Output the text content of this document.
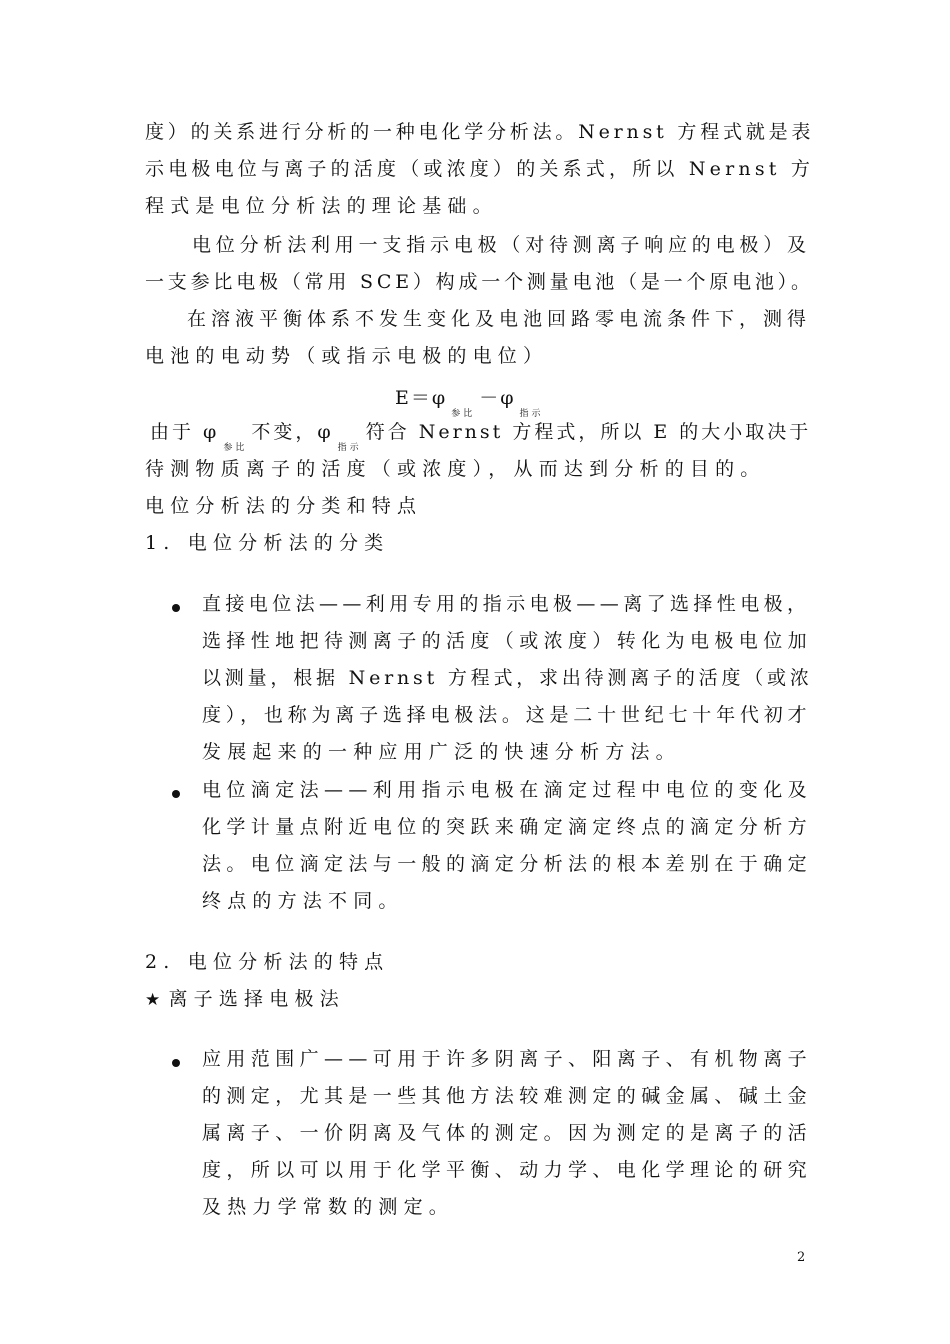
度）的关系进行分析的一种电化学分析法。Nernst 方程式就是表
示电极电位与离子的活度（或浓度）的关系式，所以 Nernst 方
程式是电位分析法的理论基础。
电位分析法利用一支指示电极（对待测离子响应的电极）及
一支参比电极（常用 SCE）构成一个测量电池（是一个原电池）。
在溶液平衡体系不发生变化及电池回路零电流条件下，测得
电池的电动势（或指示电极的电位）
$E=\varphi_{参比}-\varphi_{指示}$
由于 $\varphi_{参比}$不变，$\varphi_{指示}$符合 Nernst 方程式，所以 E 的大小取决于
待测物质离子的活度（或浓度），从而达到分析的目的。
电位分析法的分类和特点
1. 电位分析法的分类
直接电位法——利用专用的指示电极——离了选择性电极，
选择性地把待测离子的活度（或浓度）转化为电极电位加
以测量，根据 Nernst 方程式，求出待测离子的活度（或浓
度），也称为离子选择电极法。这是二十世纪七十年代初才
发展起来的一种应用广泛的快速分析方法。
电位滴定法——利用指示电极在滴定过程中电位的变化及
化学计量点附近电位的突跃来确定滴定终点的滴定分析方
法。电位滴定法与一般的滴定分析法的根本差别在于确定
终点的方法不同。
2. 电位分析法的特点
★ 离子选择电极法
应用范围广——可用于许多阴离子、阳离子、有机物离子
的测定，尤其是一些其他方法较难测定的碱金属、碱土金
属离子、一价阴离及气体的测定。因为测定的是离子的活
度，所以可以用于化学平衡、动力学、电化学理论的研究
及热力学常数的测定。
2
